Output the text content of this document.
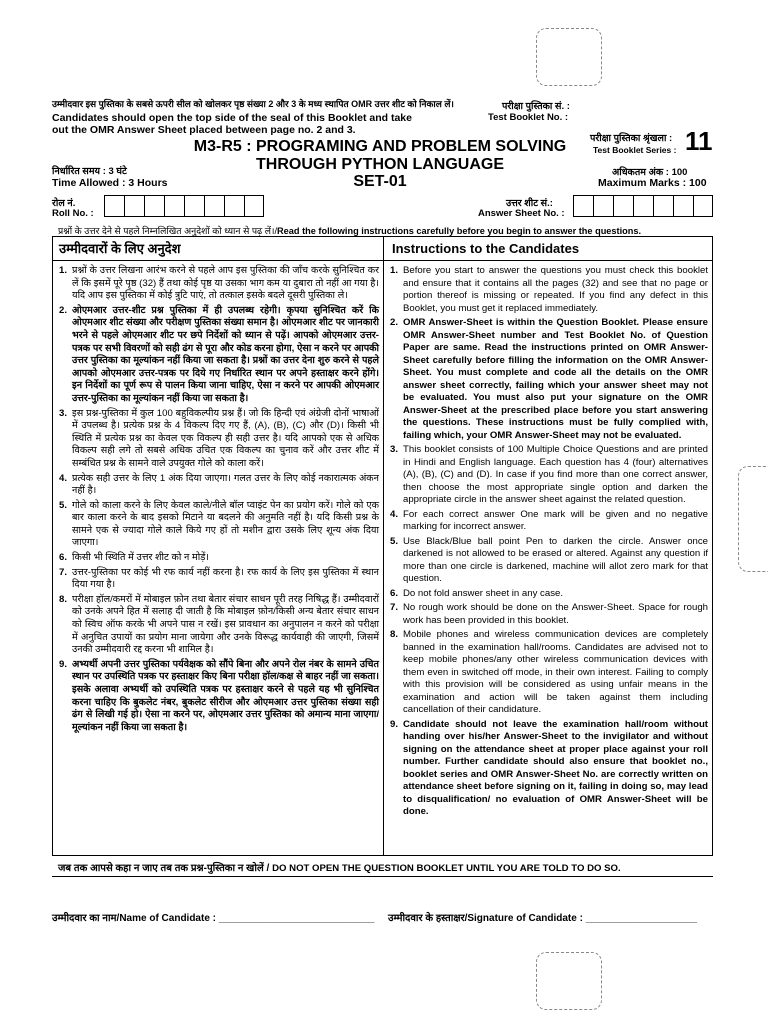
उम्मीदवार इस पुस्तिका के सबसे ऊपरी सील को खोलकर पृष्ठ संख्या 2 और 3 के मध्य स्थापित OMR उत्तर शीट को निकाल लें।
Candidates should open the top side of the seal of this Booklet and take
out the OMR Answer Sheet placed between page no. 2 and 3.
परीक्षा पुस्तिका सं. :
Test Booklet No. :
परीक्षा पुस्तिका श्रृंखला :
Test Booklet Series : 11
M3-R5 : PROGRAMING AND PROBLEM SOLVING
THROUGH PYTHON LANGUAGE
SET-01
निर्धारित समय : 3 घंटे
Time Allowed : 3 Hours
अधिकतम अंक : 100
Maximum Marks : 100
रोल नं.
Roll No. :
उत्तर शीट सं.:
Answer Sheet No. :
प्रश्नों के उत्तर देने से पहले निम्नलिखित अनुदेशों को ध्यान से पढ़ लें।/Read the following instructions carefully before you begin to answer the questions.
उम्मीदवारों के लिए अनुदेश	Instructions to the Candidates
1. प्रश्नों के उत्तर लिखना आरंभ करने से पहले आप इस पुस्तिका की जाँच करके सुनिश्चित कर लें कि इसमें पूरे पृष्ठ (32) हैं तथा कोई पृष्ठ या उसका भाग कम या दुबारा तो नहीं आ गया है। यदि आप इस पुस्तिका में कोई त्रुटि पाएं, तो तत्काल इसके बदले दूसरी पुस्तिका ले।
2. ओएमआर उत्तर-शीट प्रश्न पुस्तिका में ही उपलब्ध रहेगी। कृपया सुनिश्चित करें कि ओएमआर शीट संख्या और परीक्षण पुस्तिका संख्या समान है। ओएमआर शीट पर जानकारी भरने से पहले ओएमआर शीट पर छपे निर्देशों को ध्यान से पढ़ें। आपको ओएमआर उत्तर-पत्रक पर सभी विवरणों को सही ढंग से पूरा और कोड करना होगा, ऐसा न करने पर आपकी उत्तर पुस्तिका का मूल्यांकन नहीं किया जा सकता है। प्रश्नों का उत्तर देना शुरु करने से पहले आपको ओएमआर उत्तर-पत्रक पर दिये गए निर्धारित स्थान पर अपने हस्ताक्षर करने होंगे। इन निर्देशों का पूर्ण रूप से पालन किया जाना चाहिए, ऐसा न करने पर आपकी ओएमआर उत्तर-पुस्तिका का मूल्यांकन नहीं किया जा सकता है।
3. इस प्रश्न-पुस्तिका में कुल 100 बहुविकल्पीय प्रश्न हैं। जो कि हिन्दी एवं अंग्रेजी दोनों भाषाओं में उपलब्ध है। प्रत्येक प्रश्न के 4 विकल्प दिए गए हैं, (A), (B), (C) और (D)। किसी भी स्थिति में प्रत्येक प्रश्न का केवल एक विकल्प ही सही उत्तर है। यदि आपको एक से अधिक विकल्प सही लगे तो सबसे अधिक उचित एक विकल्प का चुनाव करें और उत्तर शीट में सम्बंधित प्रश्न के सामने वाले उपयुक्त गोले को काला करें।
4. प्रत्येक सही उत्तर के लिए 1 अंक दिया जाएगा। गलत उत्तर के लिए कोई नकारात्मक अंकन नहीं है।
5. गोले को काला करने के लिए केवल काले/नीले बॉल प्वाइंट पेन का प्रयोग करें। गोले को एक बार काला करने के बाद इसको मिटाने या बदलने की अनुमति नहीं है। यदि किसी प्रश्न के सामने एक से ज्यादा गोले काले किये गए हों तो मशीन द्वारा उसके लिए शून्य अंक दिया जाएगा।
6. किसी भी स्थिति में उत्तर शीट को न मोड़ें।
7. उत्तर-पुस्तिका पर कोई भी रफ कार्य नहीं करना है। रफ कार्य के लिए इस पुस्तिका में स्थान दिया गया है।
8. परीक्षा हॉल/कमरों में मोबाइल फ़ोन तथा बेतार संचार साधन पूरी तरह निषिद्ध हैं। उम्मीदवारों को उनके अपने हित में सलाह दी जाती है कि मोबाइल फ़ोन/किसी अन्य बेतार संचार साधन को स्विच ऑफ करके भी अपने पास न रखें। इस प्रावधान का अनुपालन न करने को परीक्षा में अनुचित उपायों का प्रयोग माना जायेगा और उनके विरूद्ध कार्यवाही की जाएगी, जिसमें उनकी उम्मीदवारी रद्द करना भी शामिल है।
9. अभ्यर्थी अपनी उत्तर पुस्तिका पर्यवेक्षक को सौंपे बिना और अपने रोल नंबर के सामने उचित स्थान पर उपस्थिति पत्रक पर हस्ताक्षर किए बिना परीक्षा हॉल/कक्ष से बाहर नहीं जा सकता। इसके अलावा अभ्यर्थी को उपस्थिति पत्रक पर हस्ताक्षर करने से पहले यह भी सुनिश्चित करना चाहिए कि बुकलेट नंबर, बुकलेट सीरीज और ओएमआर उत्तर पुस्तिका संख्या सही ढंग से लिखी गई हो। ऐसा ना करने पर, ओएमआर उत्तर पुस्तिका को अमान्य माना जाएगा/मूल्यांकन नहीं किया जा सकता है।
1. Before you start to answer the questions you must check this booklet and ensure that it contains all the pages (32) and see that no page or portion thereof is missing or repeated. If you find any defect in this Booklet, you must get it replaced immediately.
2. OMR Answer-Sheet is within the Question Booklet. Please ensure OMR Answer-Sheet number and Test Booklet No. of Question Paper are same. Read the instructions printed on OMR Answer-Sheet carefully before filling the information on the OMR Answer-Sheet. You must complete and code all the details on the OMR answer sheet correctly, failing which your answer sheet may not be evaluated. You must also put your signature on the OMR Answer-Sheet at the prescribed place before you start answering the questions. These instructions must be fully complied with, failing which, your OMR Answer-Sheet may not be evaluated.
3. This booklet consists of 100 Multiple Choice Questions and are printed in Hindi and English language. Each question has 4 (four) alternatives (A), (B), (C) and (D). In case if you find more than one correct answer, then choose the most appropriate single option and darken the appropriate circle in the answer sheet against the related question.
4. For each correct answer One mark will be given and no negative marking for incorrect answer.
5. Use Black/Blue ball point Pen to darken the circle. Answer once darkened is not allowed to be erased or altered. Against any question if more than one circle is darkened, machine will allot zero mark for that question.
6. Do not fold answer sheet in any case.
7. No rough work should be done on the Answer-Sheet. Space for rough work has been provided in this booklet.
8. Mobile phones and wireless communication devices are completely banned in the examination hall/rooms. Candidates are advised not to keep mobile phones/any other wireless communication devices with them even in switched off mode, in their own interest. Failing to comply with this provision will be considered as using unfair means in the examination and action will be taken against them including cancellation of their candidature.
9. Candidate should not leave the examination hall/room without handing over his/her Answer-Sheet to the invigilator and without signing on the attendance sheet at proper place against your roll number. Further candidate should also ensure that booklet no., booklet series and OMR Answer-Sheet No. are correctly written on attendance sheet before signing on it, failing in doing so, may lead to disqualification/ no evaluation of OMR Answer-Sheet will be done.
जब तक आपसे कहा न जाए तब तक प्रश्न-पुस्तिका न खोलें / DO NOT OPEN THE QUESTION BOOKLET UNTIL YOU ARE TOLD TO DO SO.
उम्मीदवार का नाम/Name of Candidate : ____________________________ उम्मीदवार के हस्ताक्षर/Signature of Candidate : ____________________
